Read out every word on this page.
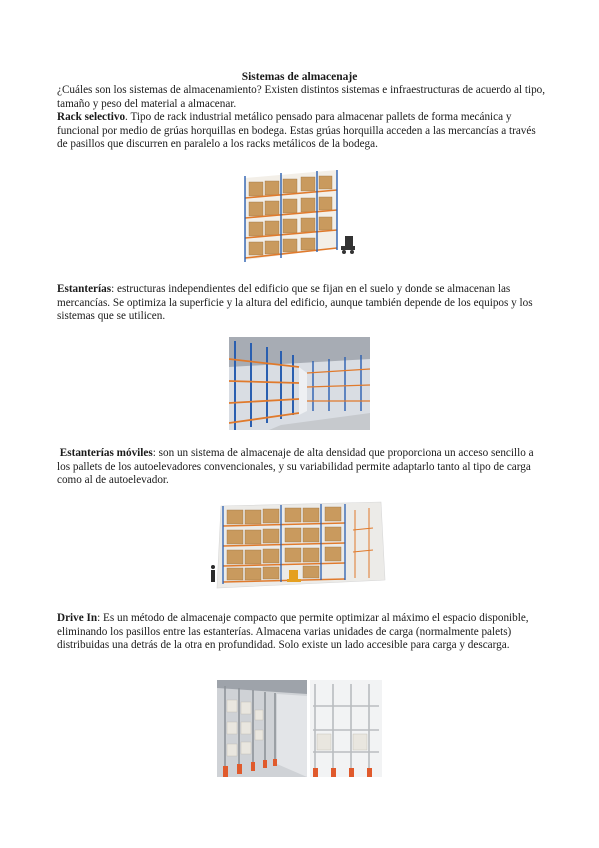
Sistemas de almacenaje
¿Cuáles son los sistemas de almacenamiento? Existen distintos sistemas e infraestructuras de acuerdo al tipo, tamaño y peso del material a almacenar.
Rack selectivo. Tipo de rack industrial metálico pensado para almacenar pallets de forma mecánica y funcional por medio de grúas horquillas en bodega. Estas grúas horquilla acceden a las mercancías a través de pasillos que discurren en paralelo a los racks metálicos de la bodega.
Estanterías: estructuras independientes del edificio que se fijan en el suelo y donde se almacenan las mercancías. Se optimiza la superficie y la altura del edificio, aunque también depende de los equipos y los sistemas que se utilicen.
Estanterías móviles: son un sistema de almacenaje de alta densidad que proporciona un acceso sencillo a los pallets de los autoelevadores convencionales, y su variabilidad permite adaptarlo tanto al tipo de carga como al de autoelevador.
Drive In: Es un método de almacenaje compacto que permite optimizar al máximo el espacio disponible, eliminando los pasillos entre las estanterías. Almacena varias unidades de carga (normalmente palets) distribuidas una detrás de la otra en profundidad. Solo existe un lado accesible para carga y descarga.
